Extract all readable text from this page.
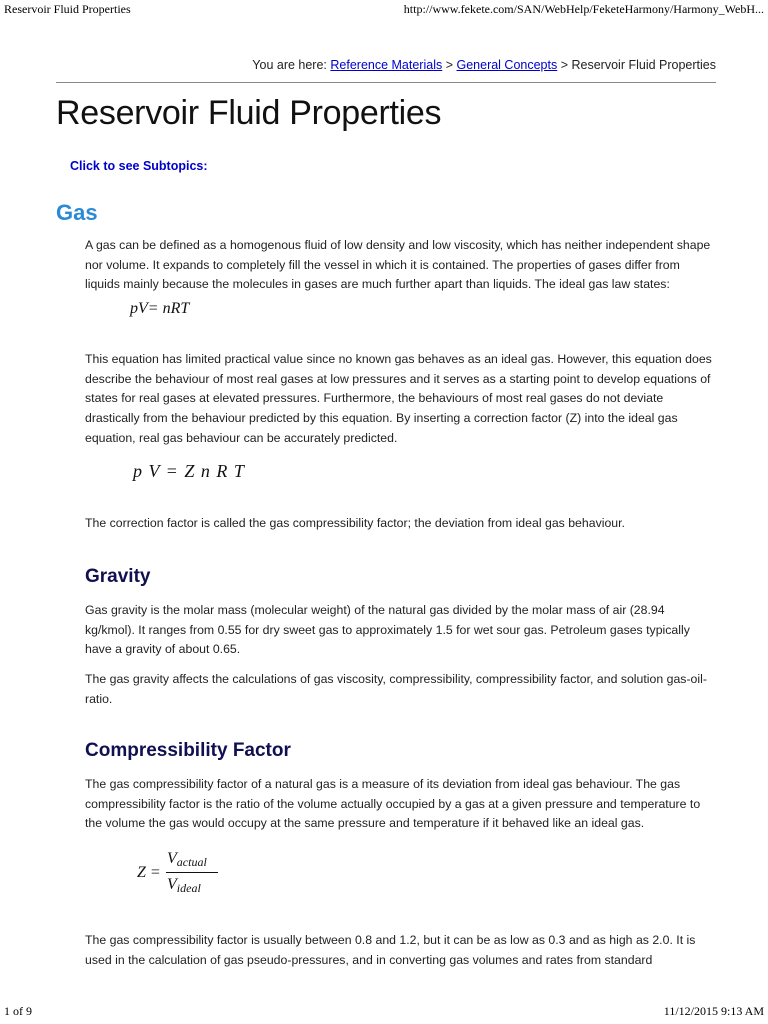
Reservoir Fluid Properties	http://www.fekete.com/SAN/WebHelp/FeketeHarmony/Harmony_WebH...
You are here: Reference Materials > General Concepts > Reservoir Fluid Properties
Reservoir Fluid Properties
Click to see Subtopics:
Gas

A gas can be defined as a homogenous fluid of low density and low viscosity, which has neither independent shape nor volume. It expands to completely fill the vessel in which it is contained. The properties of gases differ from liquids mainly because the molecules in gases are much further apart than liquids. The ideal gas law states:

pV= nRT

This equation has limited practical value since no known gas behaves as an ideal gas. However, this equation does describe the behaviour of most real gases at low pressures and it serves as a starting point to develop equations of states for real gases at elevated pressures. Furthermore, the behaviours of most real gases do not deviate drastically from the behaviour predicted by this equation. By inserting a correction factor (Z) into the ideal gas equation, real gas behaviour can be accurately predicted.

p V = Z n R T

The correction factor is called the gas compressibility factor; the deviation from ideal gas behaviour.

Gravity

Gas gravity is the molar mass (molecular weight) of the natural gas divided by the molar mass of air (28.94 kg/kmol). It ranges from 0.55 for dry sweet gas to approximately 1.5 for wet sour gas. Petroleum gases typically have a gravity of about 0.65.

The gas gravity affects the calculations of gas viscosity, compressibility, compressibility factor, and solution gas-oil-ratio.

Compressibility Factor

The gas compressibility factor of a natural gas is a measure of its deviation from ideal gas behaviour. The gas compressibility factor is the ratio of the volume actually occupied by a gas at a given pressure and temperature to the volume the gas would occupy at the same pressure and temperature if it behaved like an ideal gas.

Z =
$V_{actual}$
$V_{ideal}$

The gas compressibility factor is usually between 0.8 and 1.2, but it can be as low as 0.3 and as high as 2.0. It is used in the calculation of gas pseudo-pressures, and in converting gas volumes and rates from standard

1 of 9	11/12/2015 9:13 AM
